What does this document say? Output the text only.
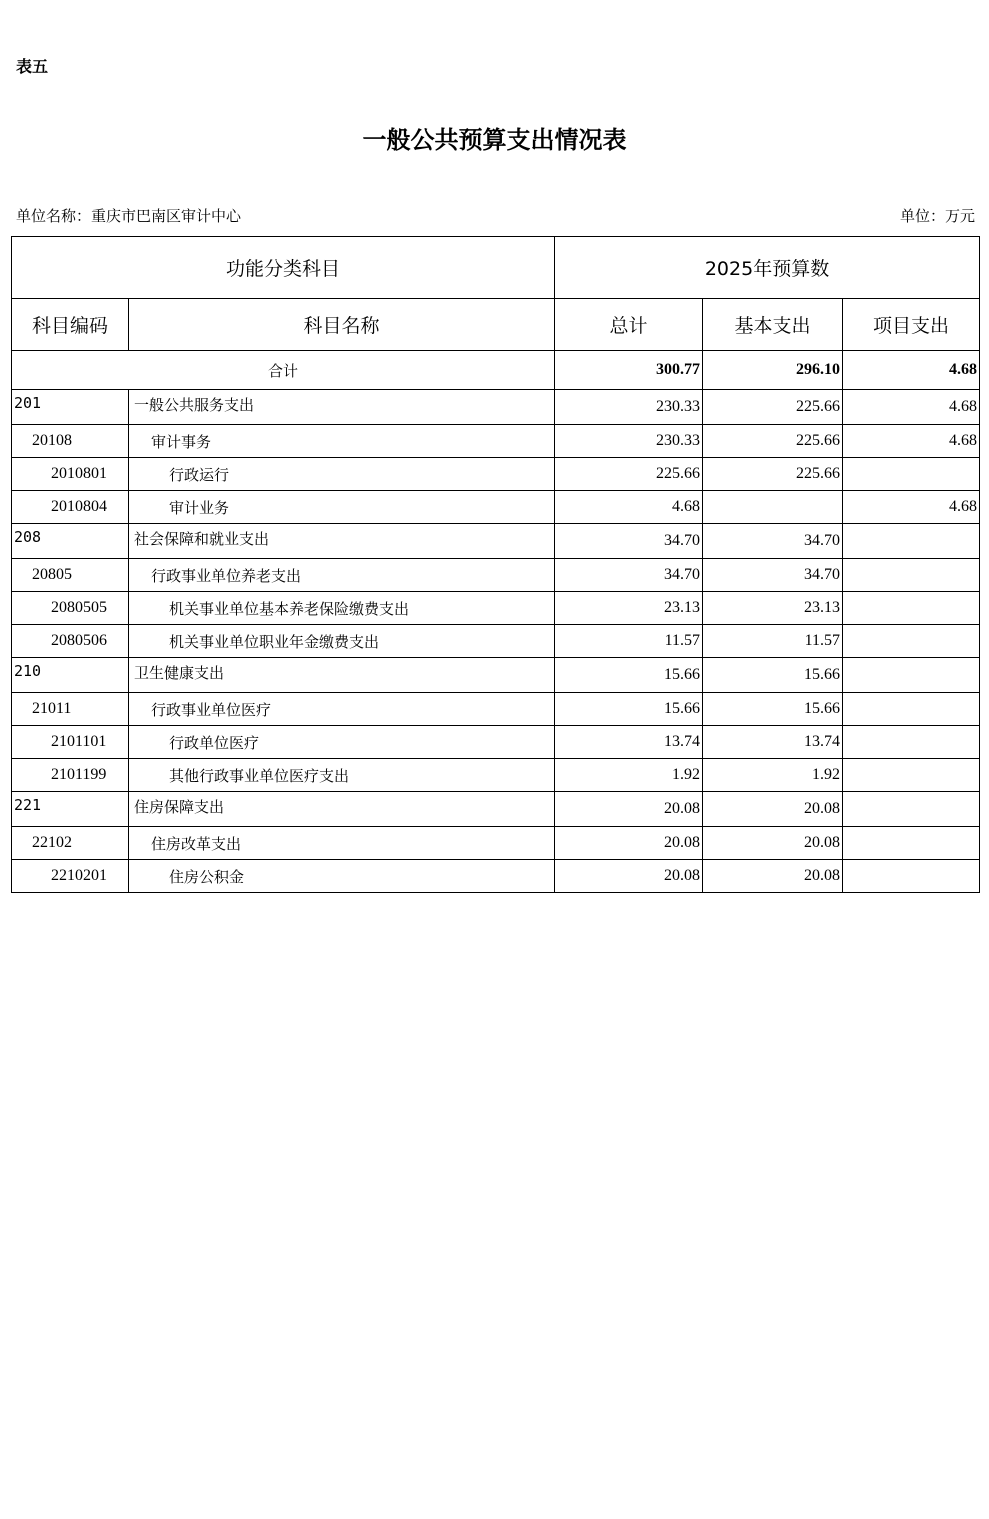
表五
一般公共预算支出情况表
单位名称：重庆市巴南区审计中心	单位：万元
功能分类科目		2025年预算数		
科目编码	科目名称	总计	基本支出	项目支出
合计		300.77	296.10	4.68
201	一般公共服务支出	230.33	225.66	4.68
20108	审计事务	230.33	225.66	4.68
2010801	行政运行	225.66	225.66	
2010804	审计业务	4.68		4.68
208	社会保障和就业支出	34.70	34.70	
20805	行政事业单位养老支出	34.70	34.70	
2080505	机关事业单位基本养老保险缴费支出	23.13	23.13	
2080506	机关事业单位职业年金缴费支出	11.57	11.57	
210	卫生健康支出	15.66	15.66	
21011	行政事业单位医疗	15.66	15.66	
2101101	行政单位医疗	13.74	13.74	
2101199	其他行政事业单位医疗支出	1.92	1.92	
221	住房保障支出	20.08	20.08	
22102	住房改革支出	20.08	20.08	
2210201	住房公积金	20.08	20.08	
